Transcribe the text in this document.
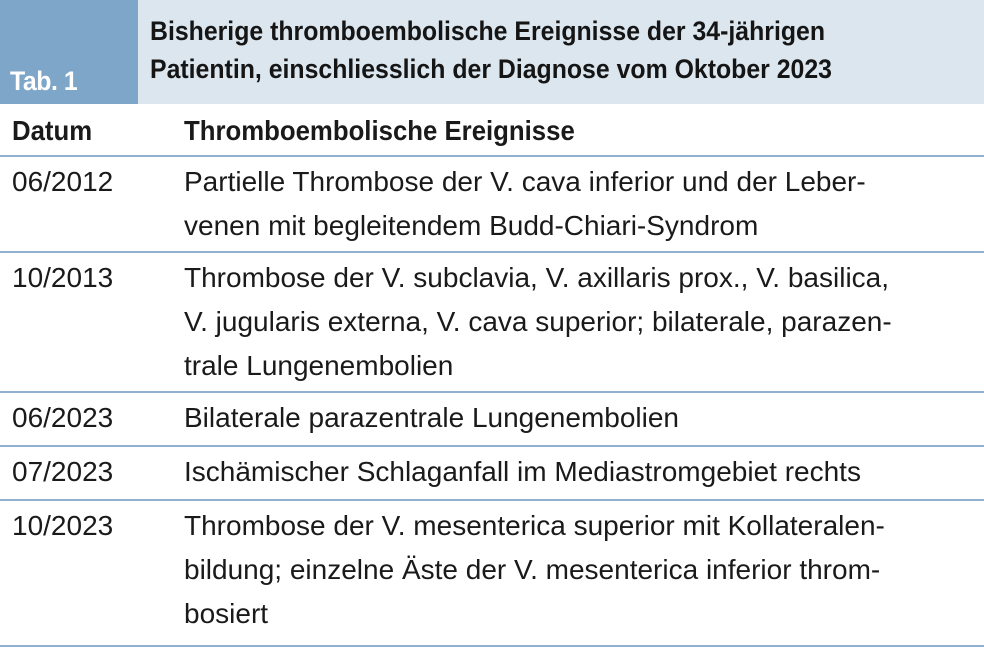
Tab. 1
Bisherige thromboembolische Ereignisse der 34-jährigen
Patientin, einschliesslich der Diagnose vom Oktober 2023
Datum	Thromboembolische Ereignisse
06/2012	Partielle Thrombose der V. cava inferior und der Leber-
venen mit begleitendem Budd-Chiari-Syndrom
10/2013	Thrombose der V. subclavia, V. axillaris prox., V. basilica,
V. jugularis externa, V. cava superior; bilaterale, parazen-
trale Lungenembolien
06/2023	Bilaterale parazentrale Lungenembolien
07/2023	Ischämischer Schlaganfall im Mediastromgebiet rechts
10/2023	Thrombose der V. mesenterica superior mit Kollateralen-
bildung; einzelne Äste der V. mesenterica inferior throm-
bosiert
